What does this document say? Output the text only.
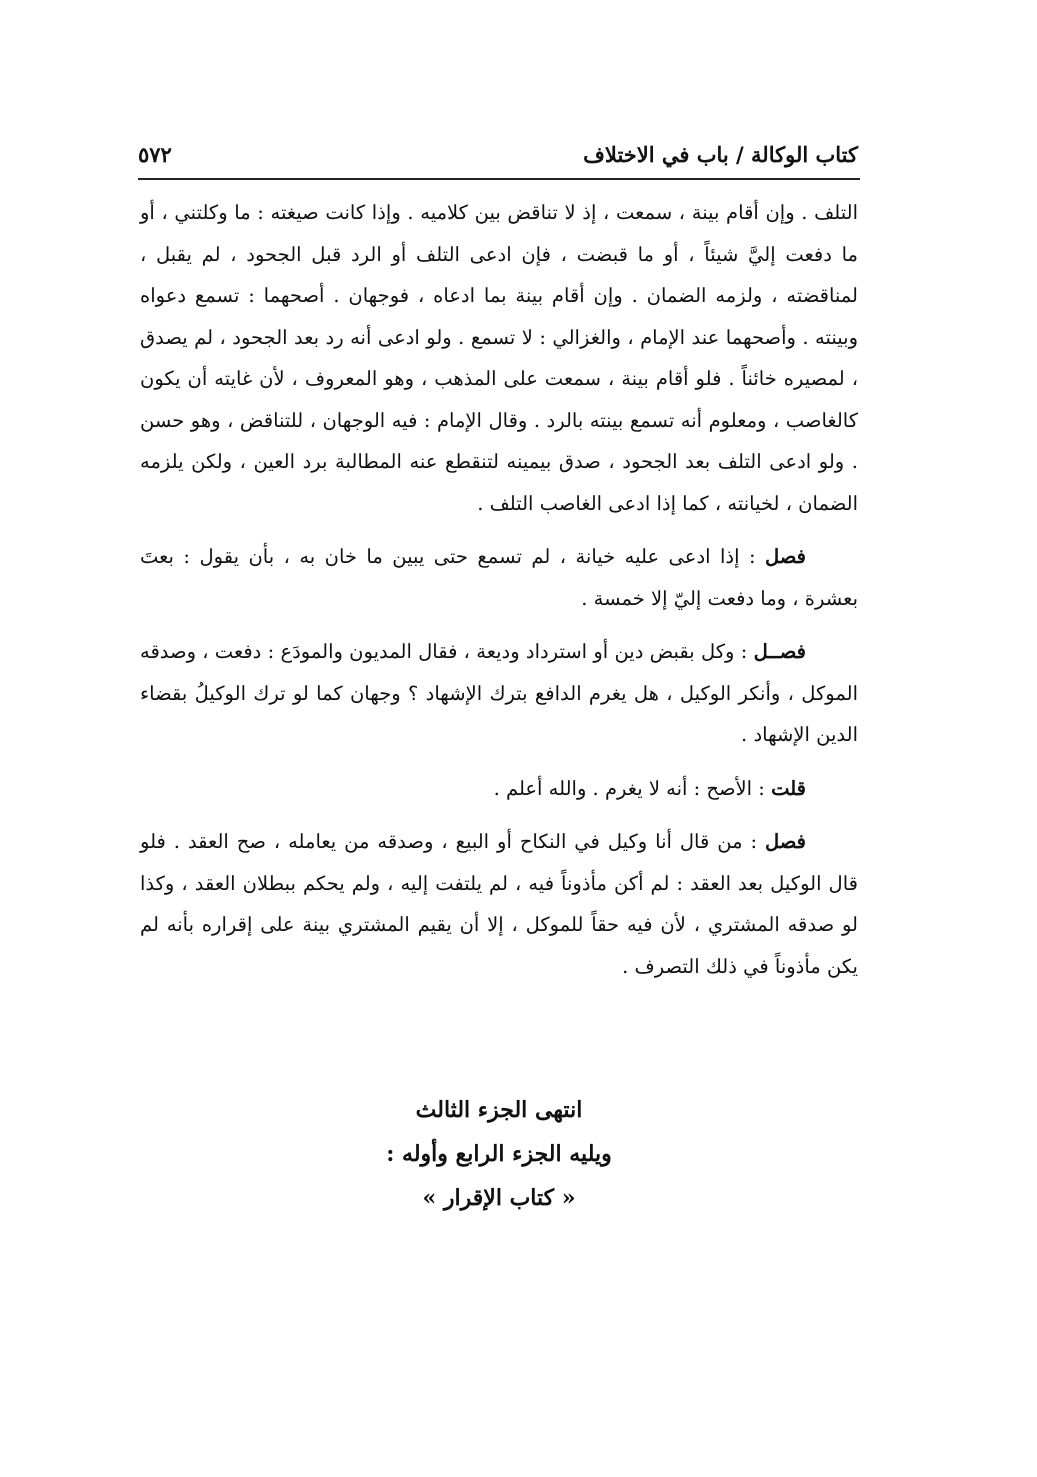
كتاب الوكالة / باب في الاختلاف
٥٧٢

التلف . وإن أقام بينة ، سمعت ، إذ لا تناقض بين كلاميه . وإذا كانت صيغته : ما وكلتني ، أو ما دفعت إليَّ شيئاً ، أو ما قبضت ، فإن ادعى التلف أو الرد قبل الجحود ، لم يقبل ، لمناقضته ، ولزمه الضمان . وإن أقام بينة بما ادعاه ، فوجهان . أصحهما : تسمع دعواه وبينته . وأصحهما عند الإمام ، والغزالي : لا تسمع . ولو ادعى أنه رد بعد الجحود ، لم يصدق ، لمصيره خائناً . فلو أقام بينة ، سمعت على المذهب ، وهو المعروف ، لأن غايته أن يكون كالغاصب ، ومعلوم أنه تسمع بينته بالرد . وقال الإمام : فيه الوجهان ، للتناقض ، وهو حسن . ولو ادعى التلف بعد الجحود ، صدق بيمينه لتنقطع عنه المطالبة برد العين ، ولكن يلزمه الضمان ، لخيانته ، كما إذا ادعى الغاصب التلف .

فصل : إذا ادعى عليه خيانة ، لم تسمع حتى يبين ما خان به ، بأن يقول : بعتَ بعشرة ، وما دفعت إليّ إلا خمسة .

فصــل : وكل بقبض دين أو استرداد وديعة ، فقال المديون والمودَع : دفعت ، وصدقه الموكل ، وأنكر الوكيل ، هل يغرم الدافع بترك الإشهاد ؟ وجهان كما لو ترك الوكيلُ بقضاء الدين الإشهاد .

قلت : الأصح : أنه لا يغرم . والله أعلم .

فصل : من قال أنا وكيل في النكاح أو البيع ، وصدقه من يعامله ، صح العقد . فلو قال الوكيل بعد العقد : لم أكن مأذوناً فيه ، لم يلتفت إليه ، ولم يحكم ببطلان العقد ، وكذا لو صدقه المشتري ، لأن فيه حقاً للموكل ، إلا أن يقيم المشتري بينة على إقراره بأنه لم يكن مأذوناً في ذلك التصرف .

انتهى الجزء الثالث
ويليه الجزء الرابع وأوله :
« كتاب الإقرار »
